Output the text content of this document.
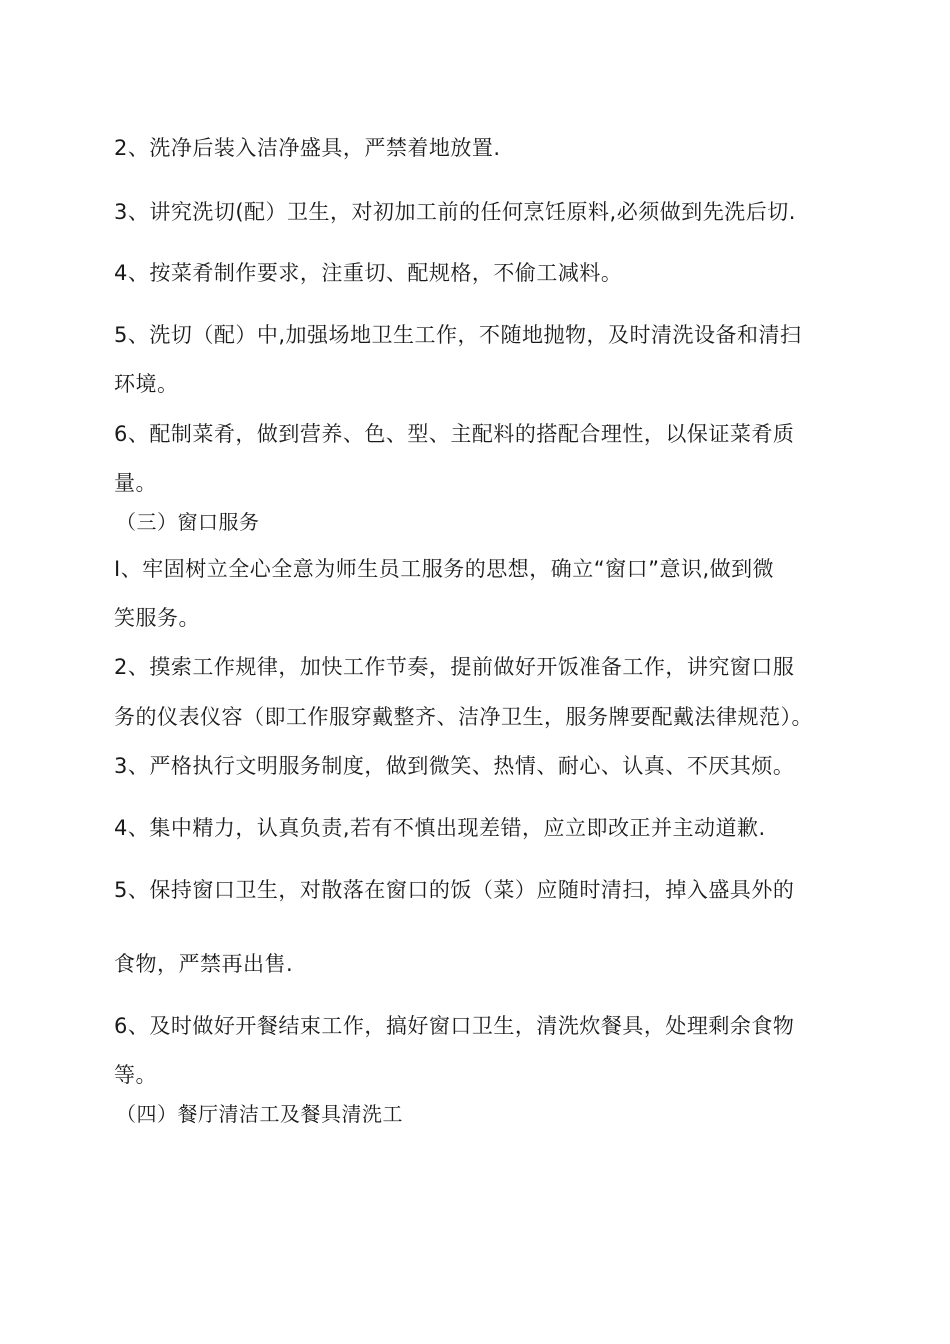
2、洗净后装入洁净盛具，严禁着地放置.
3、讲究洗切(配）卫生，对初加工前的任何烹饪原料,必须做到先洗后切.
4、按菜肴制作要求，注重切、配规格，不偷工减料。
5、洗切（配）中,加强场地卫生工作，不随地抛物，及时清洗设备和清扫
环境。
6、配制菜肴，做到营养、色、型、主配料的搭配合理性，以保证菜肴质
量。
（三）窗口服务
I、牢固树立全心全意为师生员工服务的思想，确立“窗口”意识,做到微
笑服务。
2、摸索工作规律，加快工作节奏，提前做好开饭准备工作，讲究窗口服
务的仪表仪容（即工作服穿戴整齐、洁净卫生，服务牌要配戴法律规范）。
3、严格执行文明服务制度，做到微笑、热情、耐心、认真、不厌其烦。
4、集中精力，认真负责,若有不慎出现差错，应立即改正并主动道歉.
5、保持窗口卫生，对散落在窗口的饭（菜）应随时清扫，掉入盛具外的
食物，严禁再出售.
6、及时做好开餐结束工作，搞好窗口卫生，清洗炊餐具，处理剩余食物
等。
（四）餐厅清洁工及餐具清洗工
